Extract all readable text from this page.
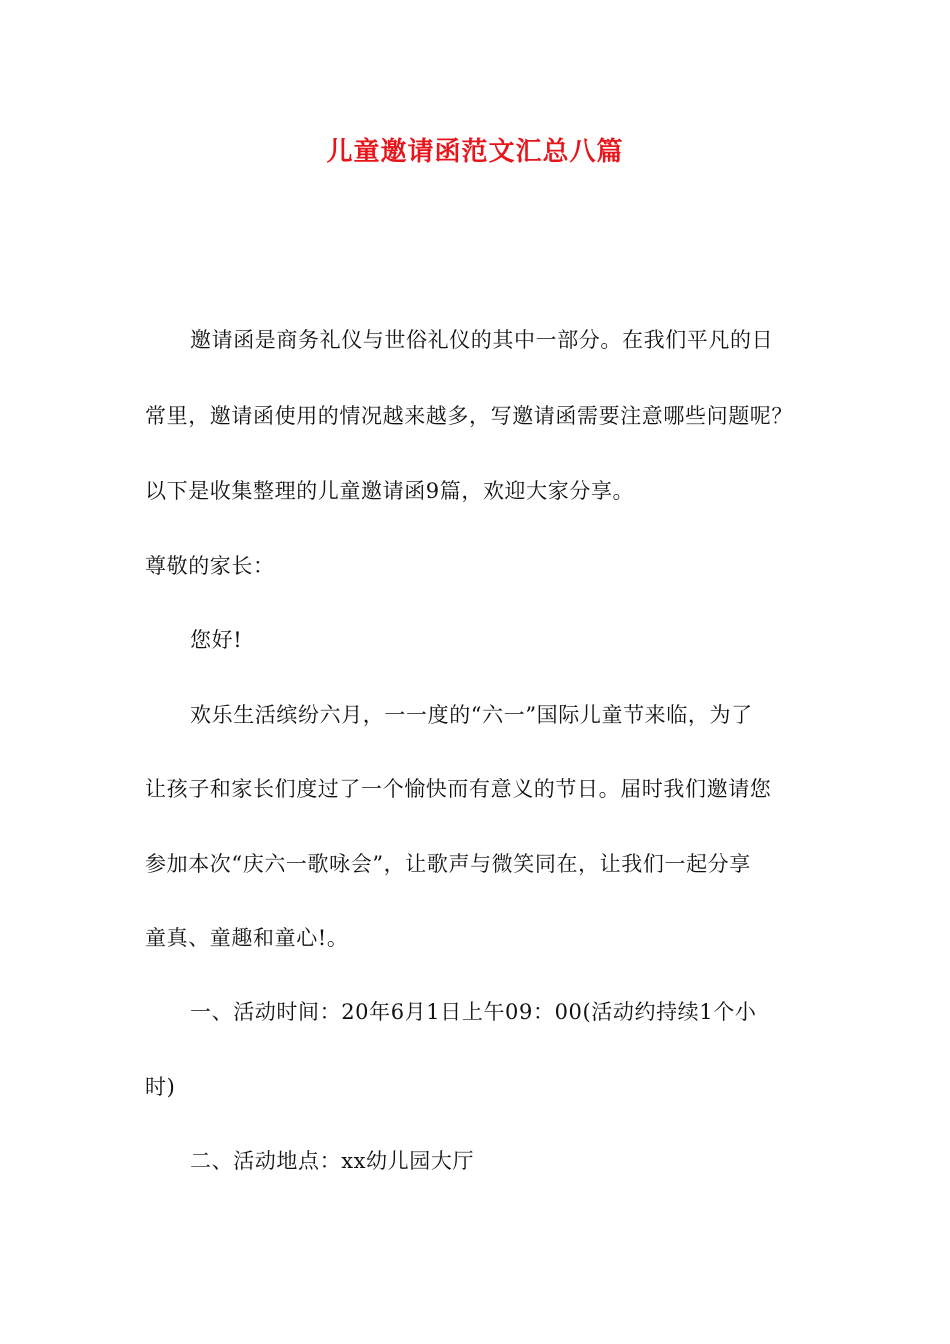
儿童邀请函范文汇总八篇
邀请函是商务礼仪与世俗礼仪的其中一部分。在我们平凡的日
常里，邀请函使用的情况越来越多，写邀请函需要注意哪些问题呢？
以下是收集整理的儿童邀请函9篇，欢迎大家分享。
尊敬的家长：
您好!
欢乐生活缤纷六月，一一度的“六一”国际儿童节来临，为了
让孩子和家长们度过了一个愉快而有意义的节日。届时我们邀请您
参加本次“庆六一歌咏会”，让歌声与微笑同在，让我们一起分享
童真、童趣和童心!。
一、活动时间：20年6月1日上午09：00(活动约持续1个小
时)
二、活动地点：xx幼儿园大厅
